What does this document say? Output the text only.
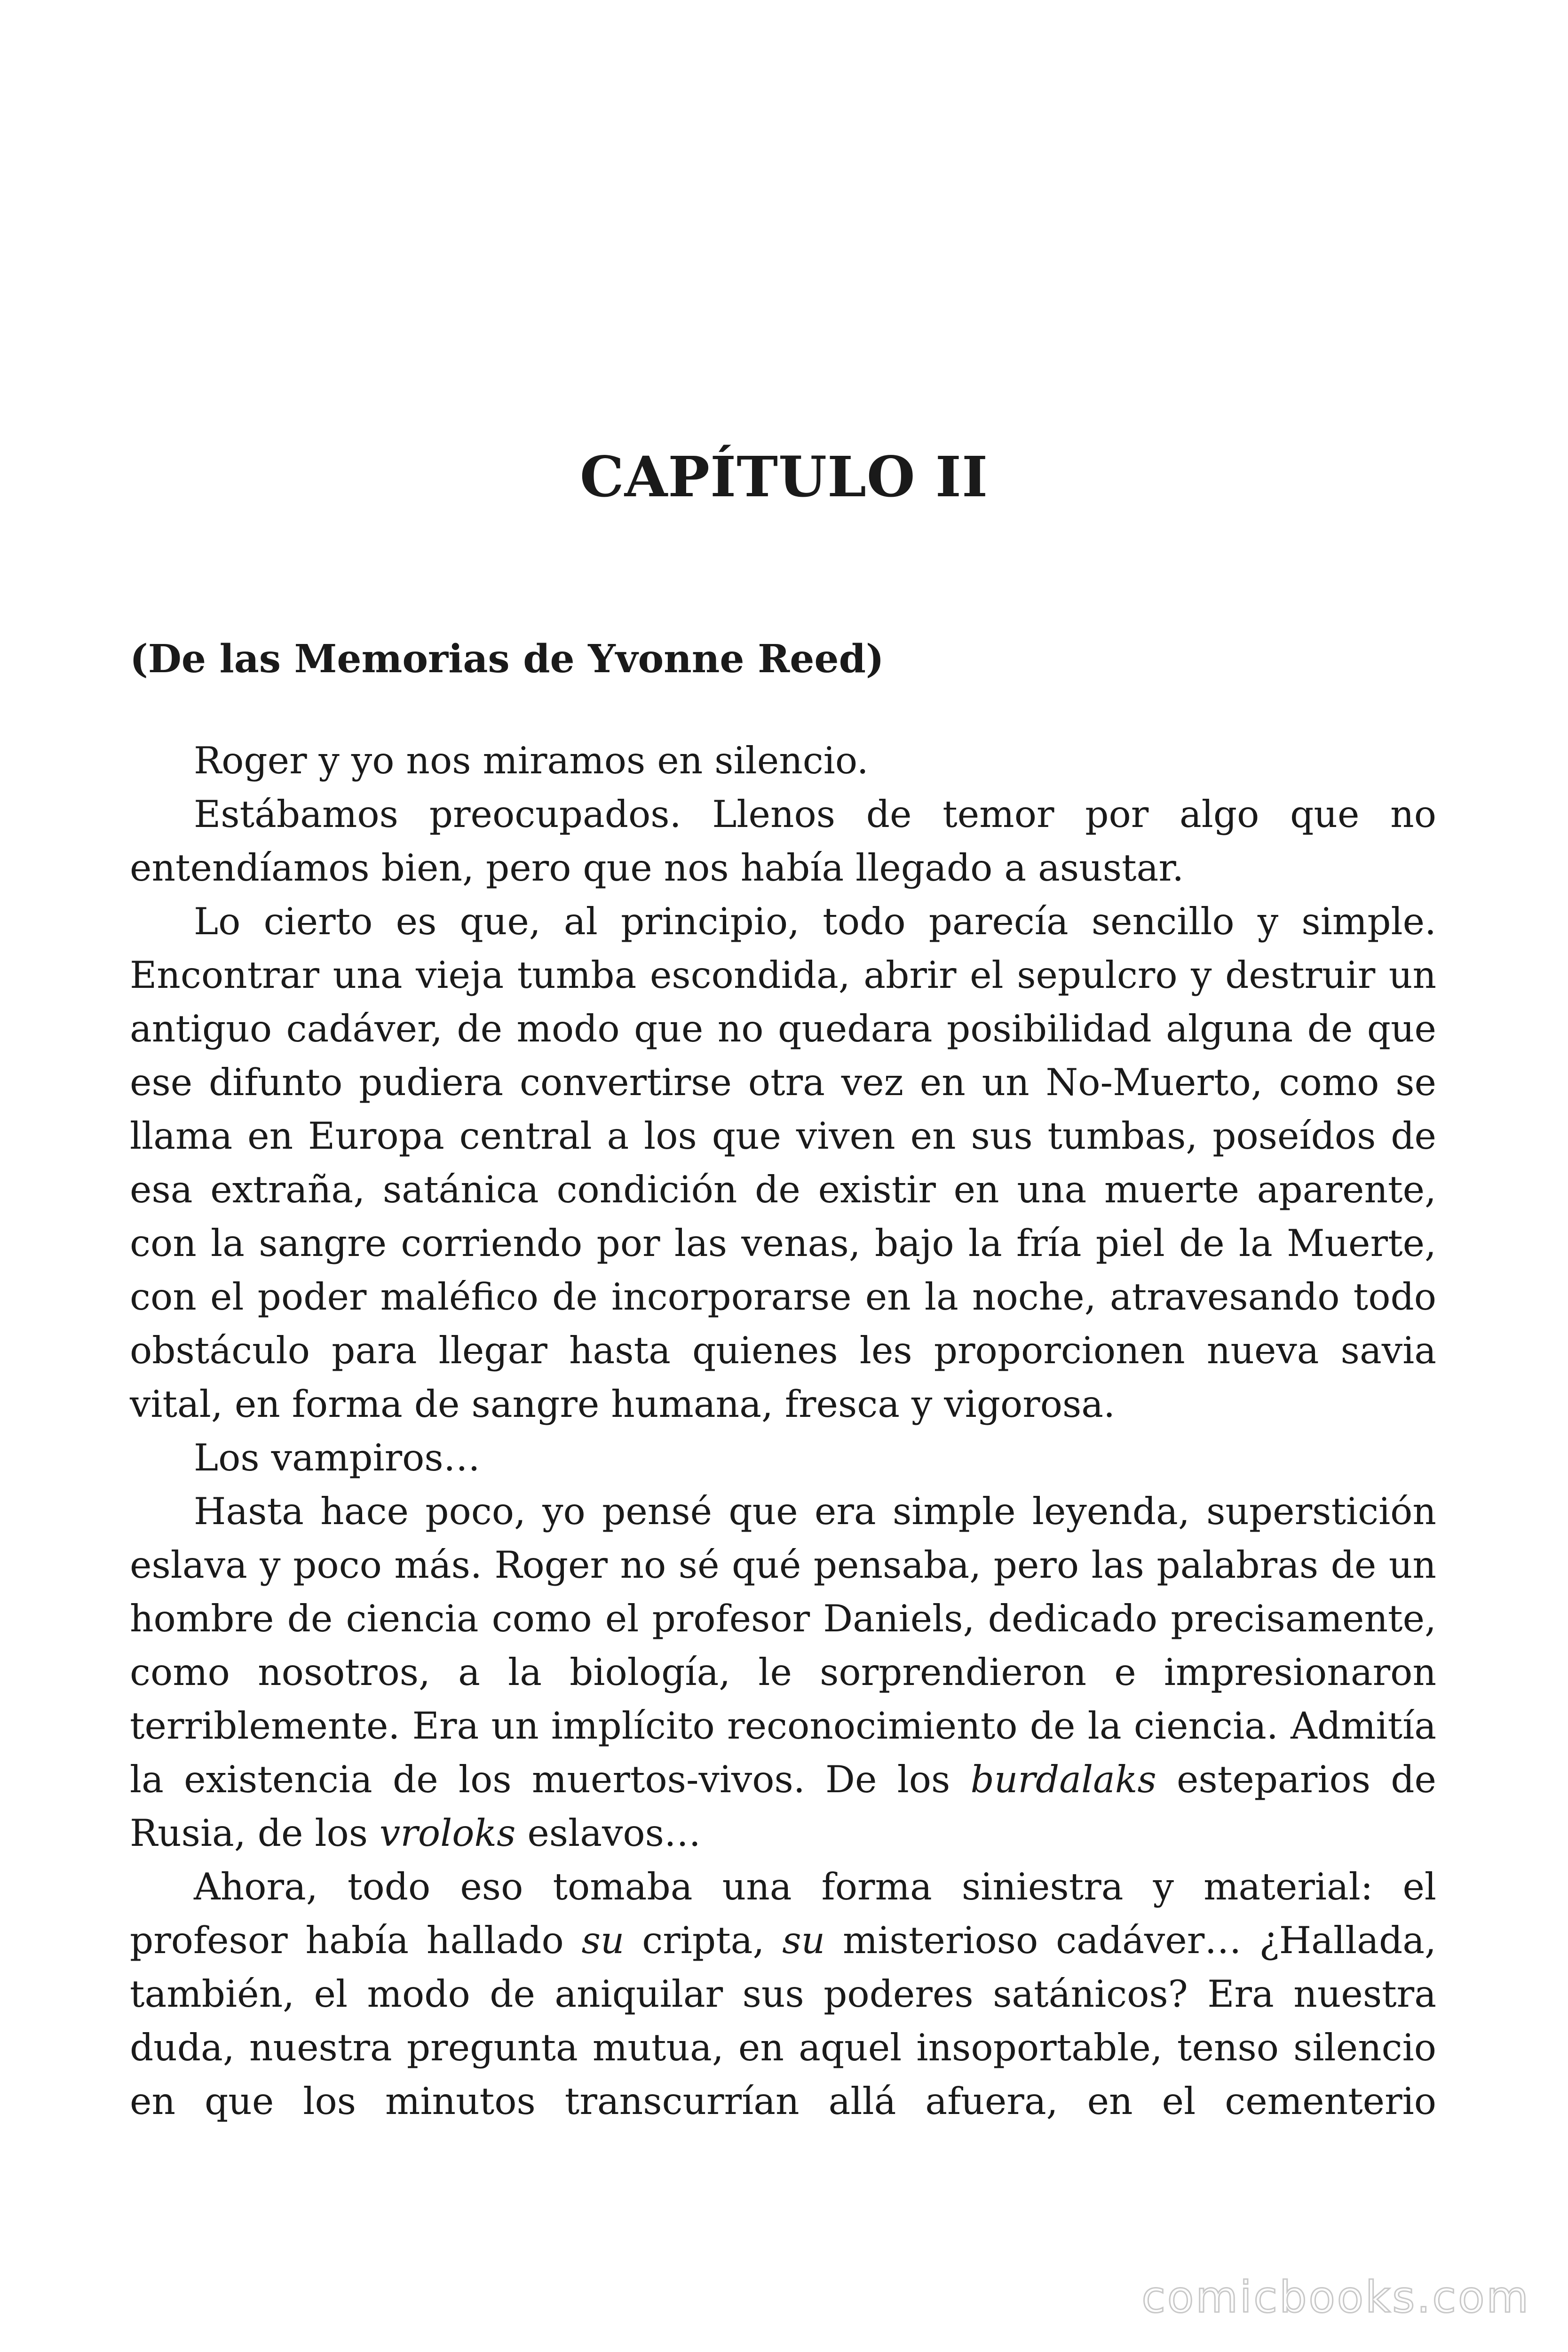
CAPÍTULO II
(De las Memorias de Yvonne Reed)

Roger y yo nos miramos en silencio.

Estábamos preocupados. Llenos de temor por algo que no entendíamos bien, pero que nos había llegado a asustar.

Lo cierto es que, al principio, todo parecía sencillo y simple. Encontrar una vieja tumba escondida, abrir el sepulcro y destruir un antiguo cadáver, de modo que no quedara posibilidad alguna de que ese difunto pudiera convertirse otra vez en un No-Muerto, como se llama en Europa central a los que viven en sus tumbas, poseídos de esa extraña, satánica condición de existir en una muerte aparente, con la sangre corriendo por las venas, bajo la fría piel de la Muerte, con el poder maléfico de incorporarse en la noche, atravesando todo obstáculo para llegar hasta quienes les proporcionen nueva savia vital, en forma de sangre humana, fresca y vigorosa.

Los vampiros…

Hasta hace poco, yo pensé que era simple leyenda, superstición eslava y poco más. Roger no sé qué pensaba, pero las palabras de un hombre de ciencia como el profesor Daniels, dedicado precisamente, como nosotros, a la biología, le sorprendieron e impresionaron terriblemente. Era un implícito reconocimiento de la ciencia. Admitía la existencia de los muertos-vivos. De los burdalaks esteparios de Rusia, de los vroloks eslavos…

Ahora, todo eso tomaba una forma siniestra y material: el profesor había hallado su cripta, su misterioso cadáver… ¿Hallada, también, el modo de aniquilar sus poderes satánicos? Era nuestra duda, nuestra pregunta mutua, en aquel insoportable, tenso silencio en que los minutos transcurrían allá afuera, en el cementerio

comicbooks.com
